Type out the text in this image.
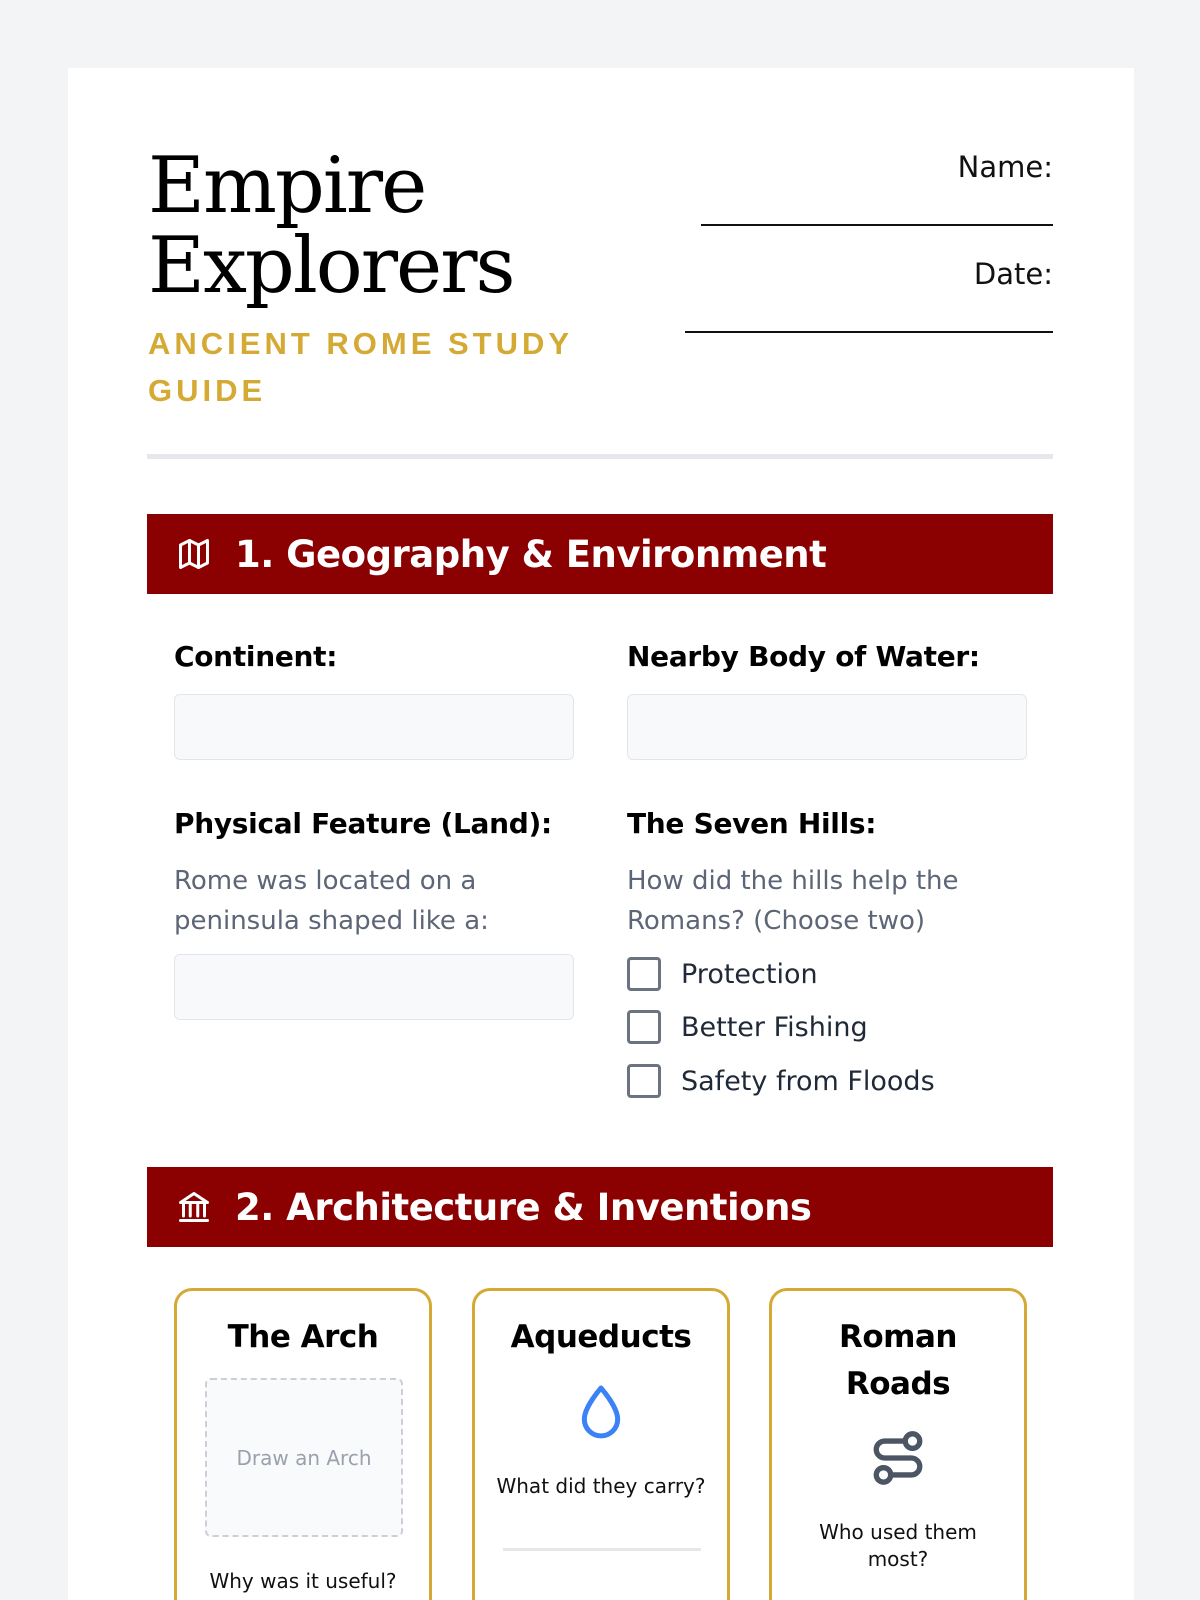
Empire
Explorers
ANCIENT ROME STUDY GUIDE
Name:
Date:
1. Geography & Environment
Continent:	Nearby Body of Water:
Physical Feature (Land):
Rome was located on a peninsula shaped like a:
The Seven Hills:
How did the hills help the Romans? (Choose two)
Protection
Better Fishing
Safety from Floods
2. Architecture & Inventions
The Arch
Draw an Arch
Why was it useful?
Aqueducts
What did they carry?
Roman Roads
Who used them most?
